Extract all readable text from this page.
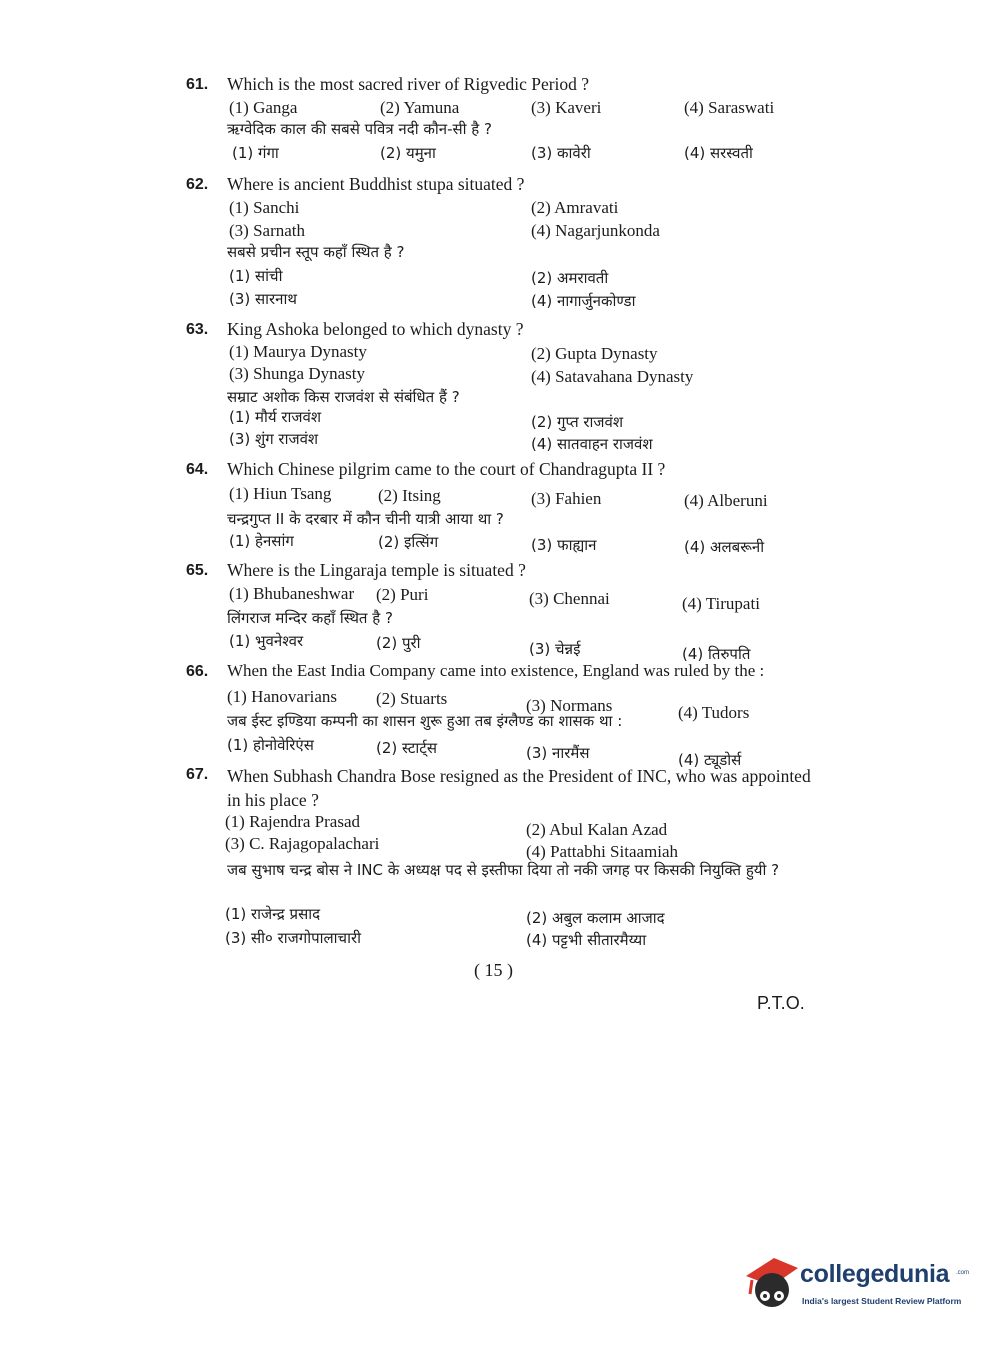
61. Which is the most sacred river of Rigvedic Period ?
(1) Ganga	(2) Yamuna	(3) Kaveri	(4) Saraswati
ऋग्वेदिक काल की सबसे पवित्र नदी कौन-सी है ?
(1) गंगा	(2) यमुना	(3) कावेरी	(4) सरस्वती
62. Where is ancient Buddhist stupa situated ?
(1) Sanchi	(2) Amravati
(3) Sarnath	(4) Nagarjunkonda
सबसे प्रचीन स्तूप कहाँ स्थित है ?
(1) सांची	(2) अमरावती
(3) सारनाथ	(4) नागार्जुनकोण्डा
63. King Ashoka belonged to which dynasty ?
(1) Maurya Dynasty	(2) Gupta Dynasty
(3) Shunga Dynasty	(4) Satavahana Dynasty
सम्राट अशोक किस राजवंश से संबंधित हैं ?
(1) मौर्य राजवंश	(2) गुप्त राजवंश
(3) शुंग राजवंश	(4) सातवाहन राजवंश
64. Which Chinese pilgrim came to the court of Chandragupta II ?
(1) Hiun Tsang	(2) Itsing	(3) Fahien	(4) Alberuni
चन्द्रगुप्त II के दरबार में कौन चीनी यात्री आया था ?
(1) हेनसांग	(2) इत्सिंग	(3) फाह्यान	(4) अलबरूनी
65. Where is the Lingaraja temple is situated ?
(1) Bhubaneshwar (2) Puri	(3) Chennai	(4) Tirupati
लिंगराज मन्दिर कहाँ स्थित है ?
(1) भुवनेश्वर	(2) पुरी	(3) चेन्नई	(4) तिरुपति
66. When the East India Company came into existence, England was ruled by the :
(1) Hanovarians (2) Stuarts	(3) Normans	(4) Tudors
जब ईस्ट इण्डिया कम्पनी का शासन शुरू हुआ तब इंग्लैण्ड का शासक था :
(1) होनोवेरिएंस	(2) स्टार्ट्स	(3) नारमैंस	(4) ट्यूडोर्स
67. When Subhash Chandra Bose resigned as the President of INC, who was appointed in his place ?
(1) Rajendra Prasad	(2) Abul Kalan Azad
(3) C. Rajagopalachari	(4) Pattabhi Sitaamiah
जब सुभाष चन्द्र बोस ने INC के अध्यक्ष पद से इस्तीफा दिया तो नकी जगह पर किसकी नियुक्ति हुयी ?
(1) राजेन्द्र प्रसाद	(2) अबुल कलाम आजाद
(3) सी० राजगोपालाचारी	(4) पट्टभी सीतारमैय्या
( 15 )
P.T.O.
collegedunia .com
India's largest Student Review Platform
